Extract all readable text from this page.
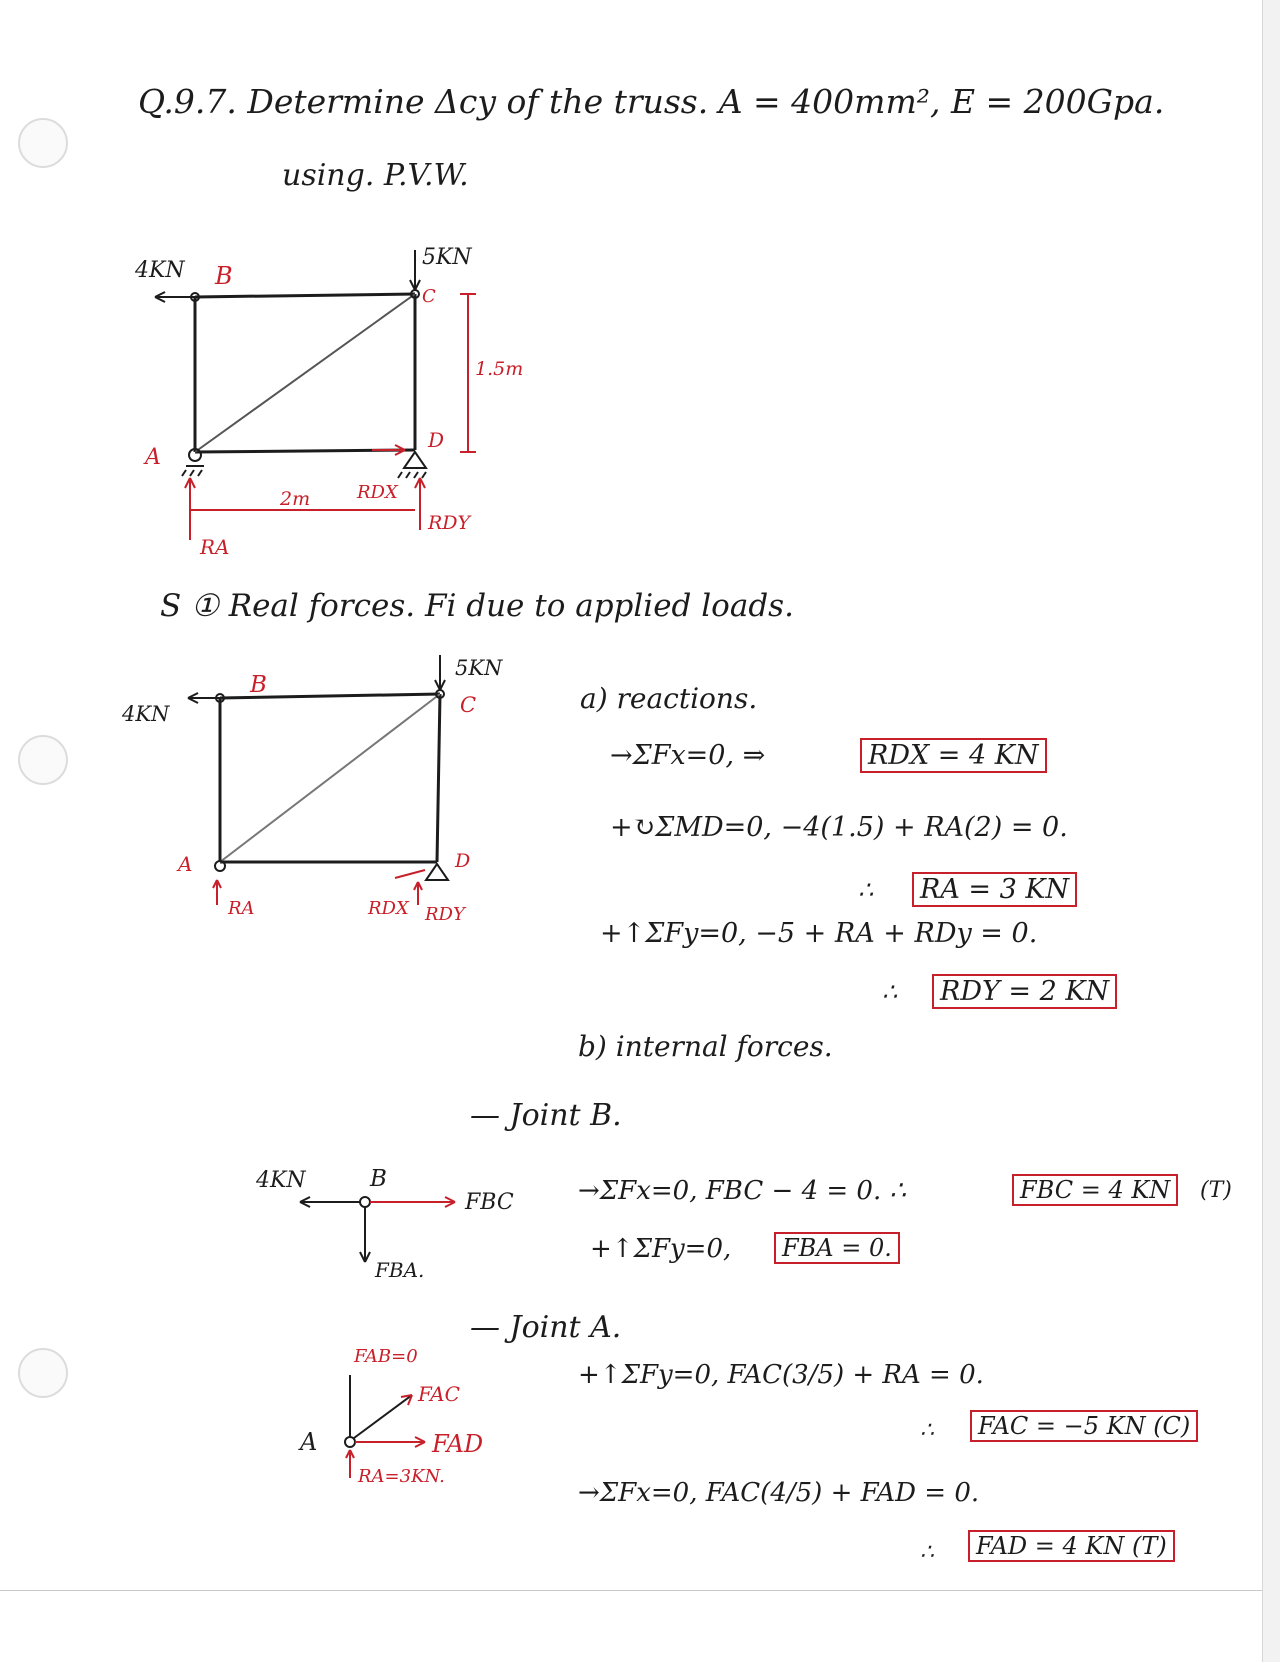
Q.9.7. Determine Δcy of the truss. A = 400mm², E = 200Gpa.
using. P.V.W.
4KN B
5KN
C
A
D
1.5m
2m	RDX
RDY
RA
S ① Real forces. Fi due to applied loads.
4KN
B
5KN
C
A	D
RA	RDX RDY
a) reactions.
→ΣFx=0, ⇒	RDX = 4 KN
+↻ΣMD=0, −4(1.5) + RA(2) = 0.
∴ RA = 3 KN
+↑ΣFy=0, −5 + RA + RDy = 0.
∴ RDY = 2 KN
b) internal forces.
— Joint B.
4KN	B
FBC
FBA.
→ΣFx=0, FBC − 4 = 0. ∴	FBC = 4 KN	(T)
+↑ΣFy=0,	FBA = 0.
— Joint A.
FAB=0
FAC
FAD
A
RA=3KN.
+↑ΣFy=0, FAC(3/5) + RA = 0.
∴	FAC = −5 KN (C)
→ΣFx=0, FAC(4/5) + FAD = 0.
∴	FAD = 4 KN (T)
